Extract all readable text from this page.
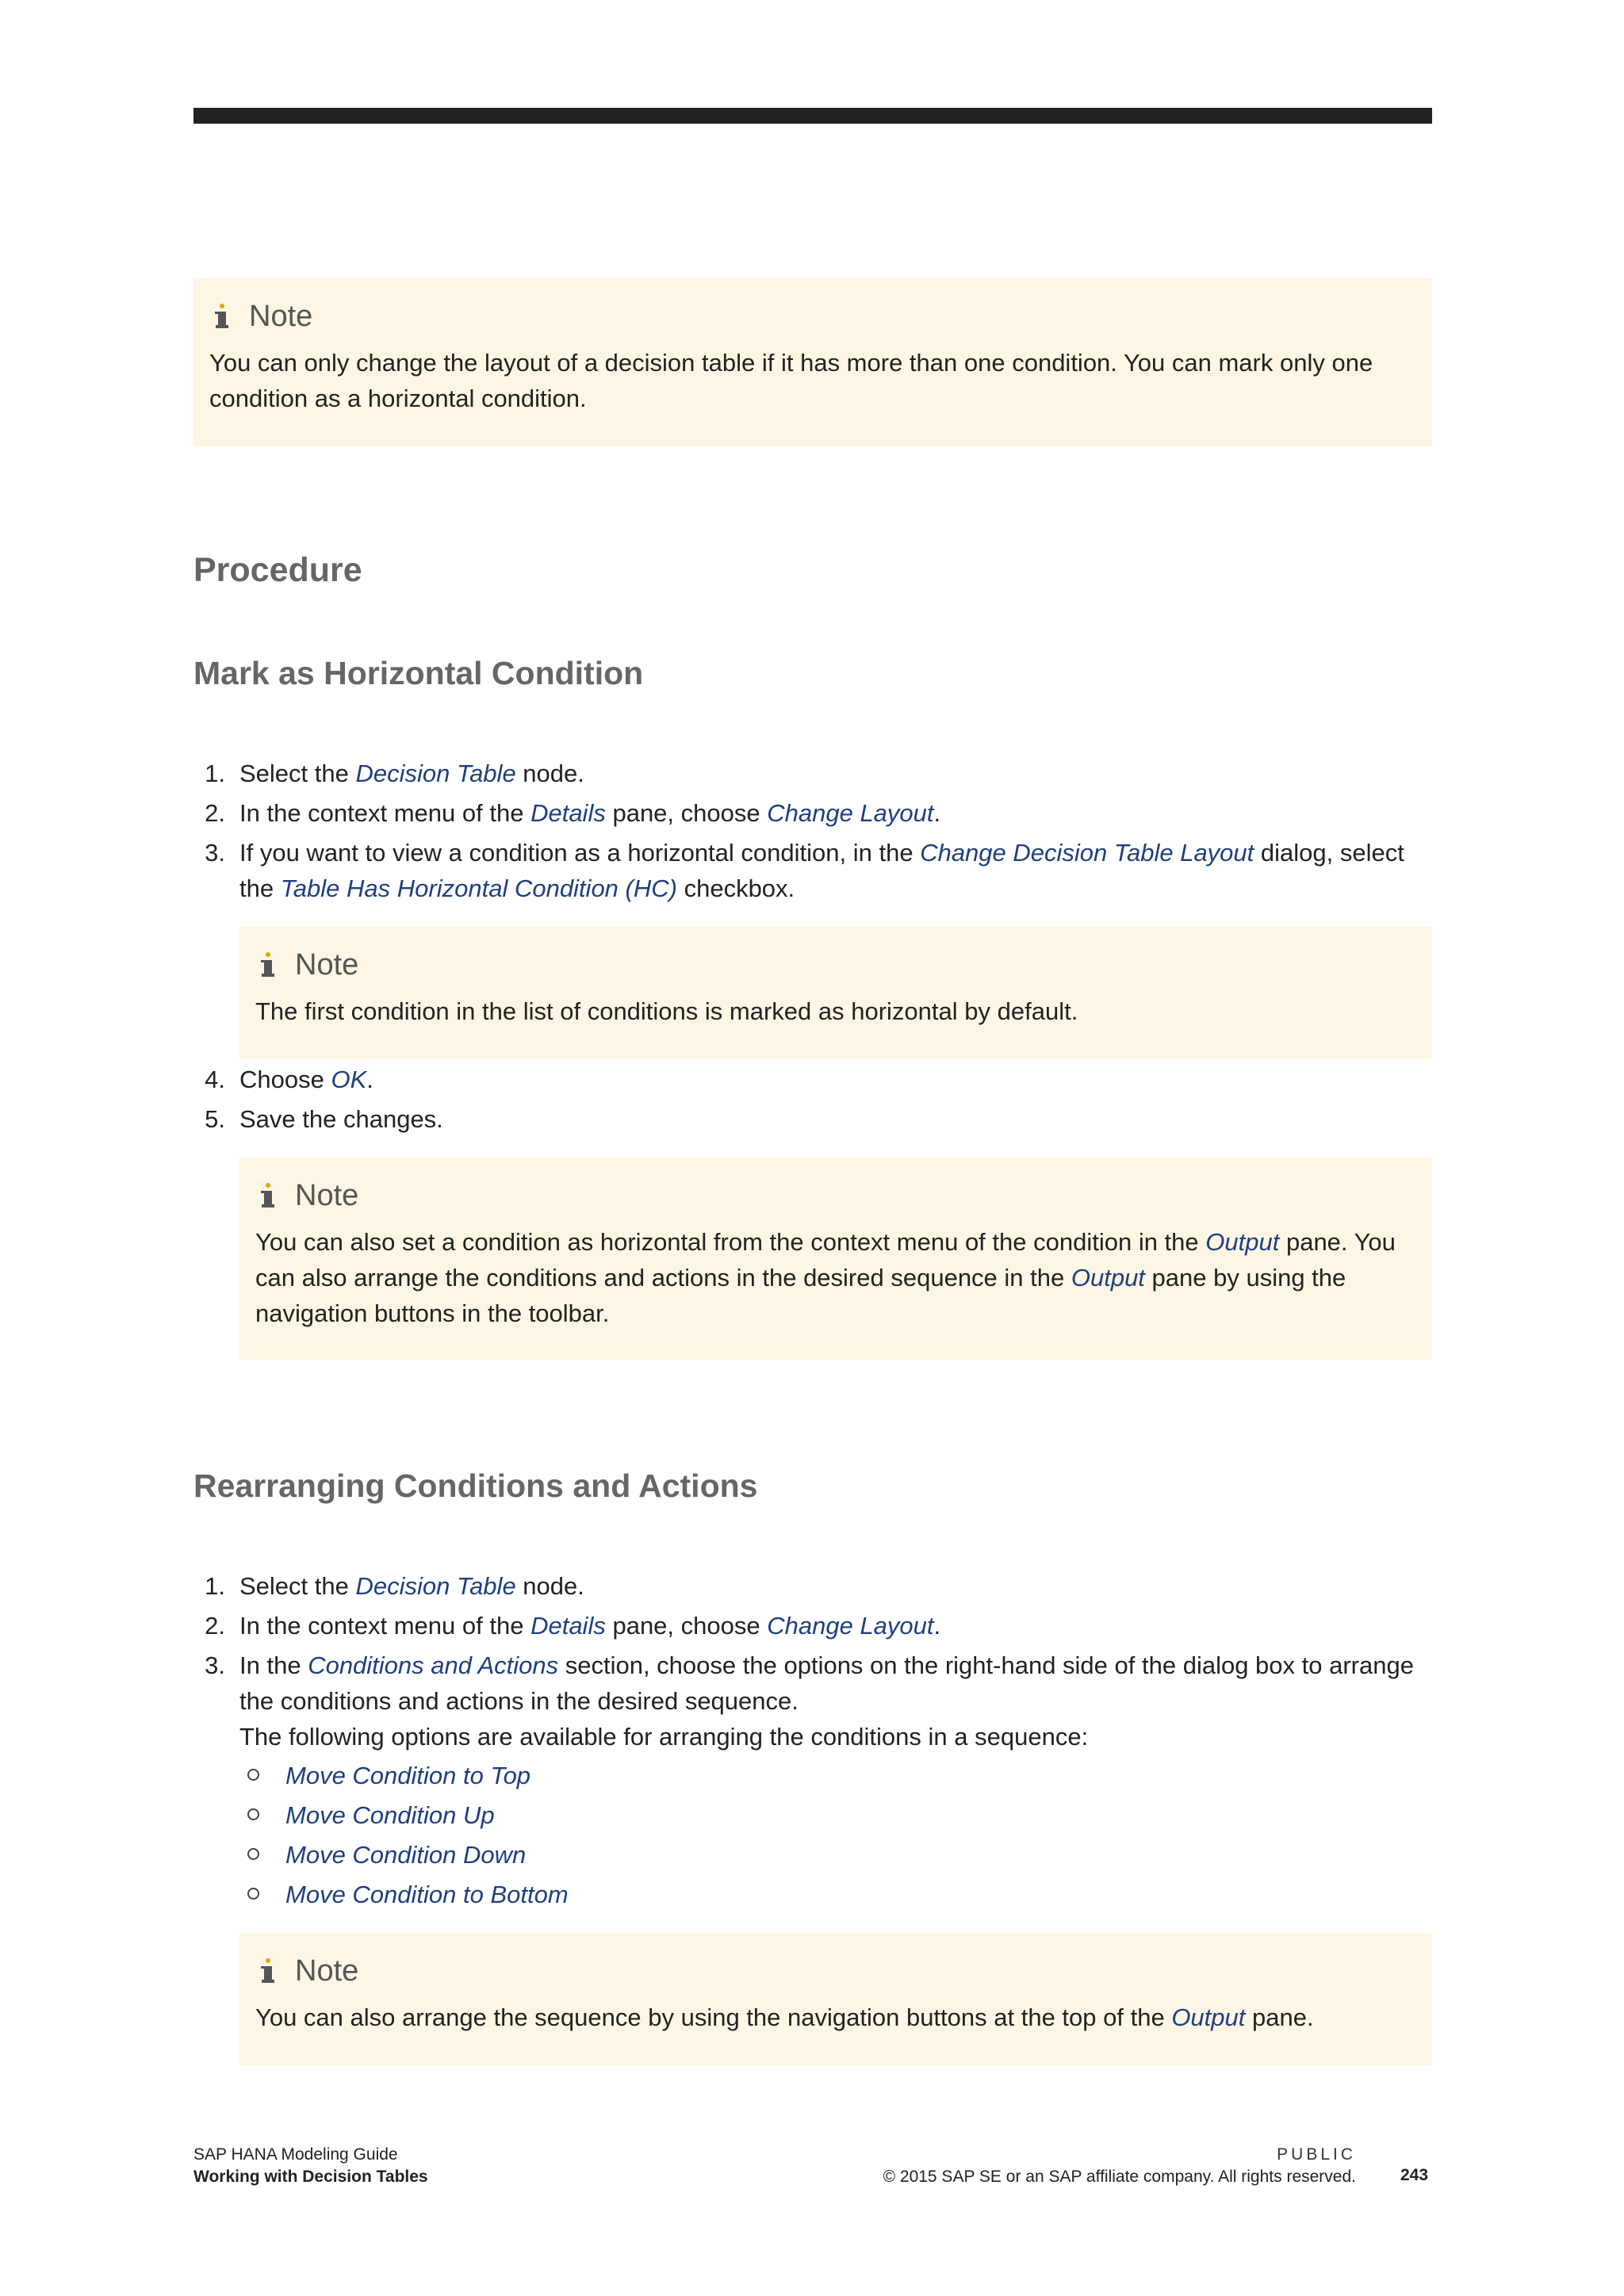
Note
You can only change the layout of a decision table if it has more than one condition. You can mark only one condition as a horizontal condition.
Procedure
Mark as Horizontal Condition
1. Select the Decision Table node.
2. In the context menu of the Details pane, choose Change Layout.
3. If you want to view a condition as a horizontal condition, in the Change Decision Table Layout dialog, select the Table Has Horizontal Condition (HC) checkbox.
Note
The first condition in the list of conditions is marked as horizontal by default.
4. Choose OK.
5. Save the changes.
Note
You can also set a condition as horizontal from the context menu of the condition in the Output pane. You can also arrange the conditions and actions in the desired sequence in the Output pane by using the navigation buttons in the toolbar.
Rearranging Conditions and Actions
1. Select the Decision Table node.
2. In the context menu of the Details pane, choose Change Layout.
3. In the Conditions and Actions section, choose the options on the right-hand side of the dialog box to arrange the conditions and actions in the desired sequence.
The following options are available for arranging the conditions in a sequence:
Move Condition to Top
Move Condition Up
Move Condition Down
Move Condition to Bottom
Note
You can also arrange the sequence by using the navigation buttons at the top of the Output pane.
SAP HANA Modeling Guide
Working with Decision Tables
PUBLIC
© 2015 SAP SE or an SAP affiliate company. All rights reserved.	243
